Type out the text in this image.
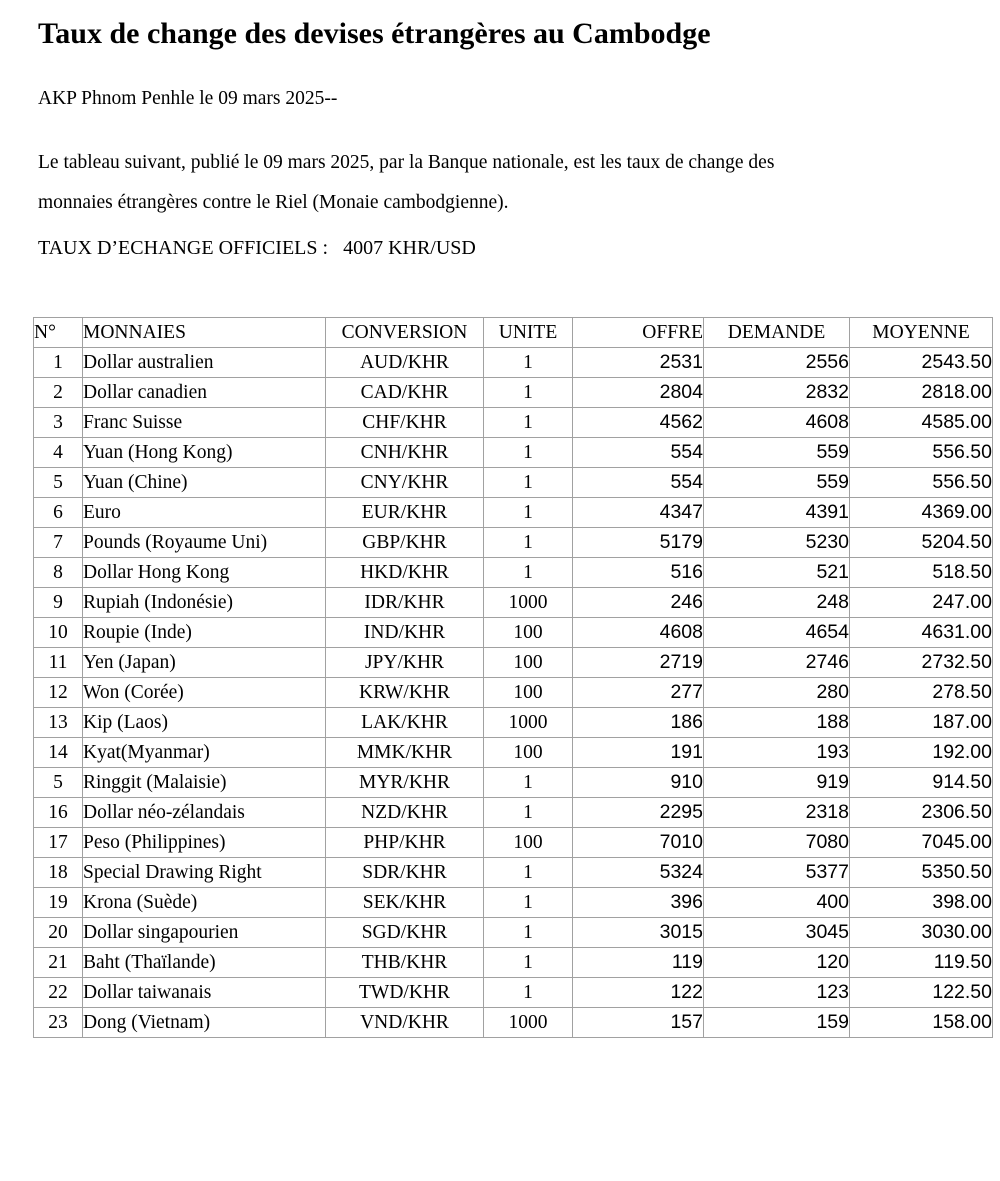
Taux de change des devises étrangères au Cambodge

AKP Phnom Penhle le 09 mars 2025--

Le tableau suivant, publié le 09 mars 2025, par la Banque nationale, est les taux de change des
monnaies étrangères contre le Riel (Monaie cambodgienne).

TAUX D’ECHANGE OFFICIELS : 4007 KHR/USD

N°	MONNAIES	CONVERSION	UNITE	OFFRE	DEMANDE	MOYENNE
1	Dollar australien	AUD/KHR	1	2531	2556	2543.50
2	Dollar canadien	CAD/KHR	1	2804	2832	2818.00
3	Franc Suisse	CHF/KHR	1	4562	4608	4585.00
4	Yuan (Hong Kong)	CNH/KHR	1	554	559	556.50
5	Yuan (Chine)	CNY/KHR	1	554	559	556.50
6	Euro	EUR/KHR	1	4347	4391	4369.00
7	Pounds (Royaume Uni)	GBP/KHR	1	5179	5230	5204.50
8	Dollar Hong Kong	HKD/KHR	1	516	521	518.50
9	Rupiah (Indonésie)	IDR/KHR	1000	246	248	247.00
10	Roupie (Inde)	IND/KHR	100	4608	4654	4631.00
11	Yen (Japan)	JPY/KHR	100	2719	2746	2732.50
12	Won (Corée)	KRW/KHR	100	277	280	278.50
13	Kip (Laos)	LAK/KHR	1000	186	188	187.00
14	Kyat(Myanmar)	MMK/KHR	100	191	193	192.00
5	Ringgit (Malaisie)	MYR/KHR	1	910	919	914.50
16	Dollar néo-zélandais	NZD/KHR	1	2295	2318	2306.50
17	Peso (Philippines)	PHP/KHR	100	7010	7080	7045.00
18	Special Drawing Right	SDR/KHR	1	5324	5377	5350.50
19	Krona (Suède)	SEK/KHR	1	396	400	398.00
20	Dollar singapourien	SGD/KHR	1	3015	3045	3030.00
21	Baht (Thaïlande)	THB/KHR	1	119	120	119.50
22	Dollar taiwanais	TWD/KHR	1	122	123	122.50
23	Dong (Vietnam)	VND/KHR	1000	157	159	158.00
